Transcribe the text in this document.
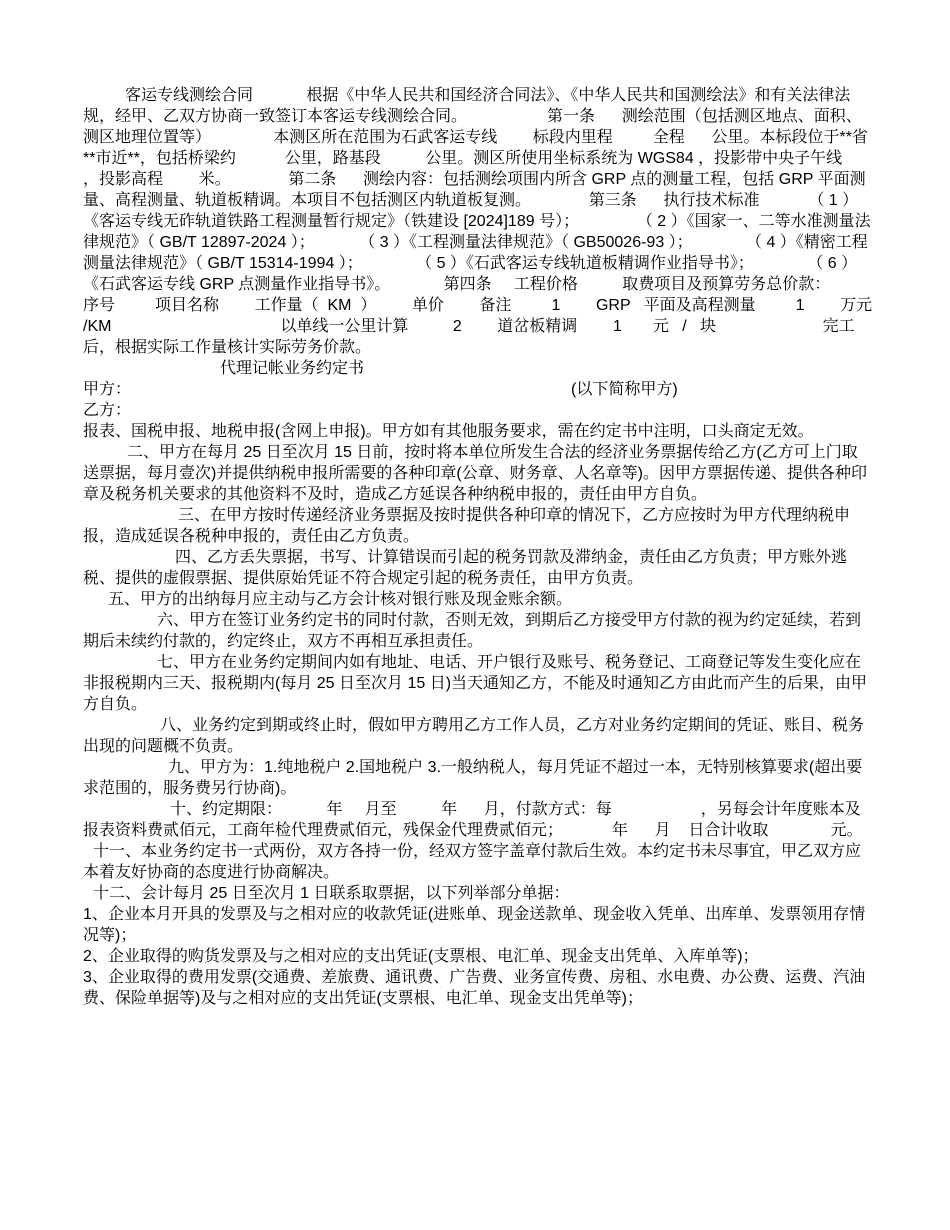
客运专线测绘合同            根据《中华人民共和国经济合同法》、《中华人民共和国测绘法》和有关法律法规，经甲、乙双方协商一致签订本客运专线测绘合同。                  第一条      测绘范围（包括测区地点、面积、测区地理位置等）              本测区所在范围为石武客运专线        标段内里程         全程      公里。本标段位于**省**市近**，包括桥梁约           公里，路基段          公里。测区所使用坐标系统为 WGS84 ，投影带中央子午线         ，投影高程        米。             第二条      测绘内容：包括测绘项围内所含 GRP 点的测量工程，包括 GRP 平面测量、高程测量、轨道板精调。本项目不包括测区内轨道板复测。             第三条      执行技术标准           （ 1 ）《客运专线无砟轨道铁路工程测量暂行规定》（铁建设 [2024]189 号）；             （ 2 ）《国家一、二等水准测量法律规范》（ GB/T 12897-2024 ）；          （ 3 ）《工程测量法律规范》（ GB50026-93 ）；            （ 4 ）《精密工程测量法律规范》（ GB/T 15314-1994 ）；            （ 5 ）《石武客运专线轨道板精调作业指导书》；            （ 6 ）《石武客运专线 GRP 点测量作业指导书》。            第四条     工程价格          取费项目及预算劳务总价款：               序号         项目名称        工作量（  KM  ）        单价        备注         1        GRP   平面及高程测量         1        万元   /KM                                      以单线一公里计算          2        道岔板精调        1       元   /   块                        完工后，根据实际工作量核计实际劳务价款。

代理记帐业务约定书

甲方：	(以下简称甲方)

乙方：

报表、国税申报、地税申报(含网上申报)。甲方如有其他服务要求，需在约定书中注明，口头商定无效。

二、甲方在每月 25 日至次月 15 日前，按时将本单位所发生合法的经济业务票据传给乙方(乙方可上门取送票据，每月壹次)并提供纳税申报所需要的各种印章(公章、财务章、人名章等)。因甲方票据传递、提供各种印章及税务机关要求的其他资料不及时，造成乙方延误各种纳税申报的，责任由甲方自负。

三、在甲方按时传递经济业务票据及按时提供各种印章的情况下，乙方应按时为甲方代理纳税申报，造成延误各税种申报的，责任由乙方负责。

四、乙方丢失票据，书写、计算错误而引起的税务罚款及滞纳金，责任由乙方负责；甲方账外逃税、提供的虚假票据、提供原始凭证不符合规定引起的税务责任，由甲方负责。

五、甲方的出纳每月应主动与乙方会计核对银行账及现金账余额。

六、甲方在签订业务约定书的同时付款，否则无效，到期后乙方接受甲方付款的视为约定延续，若到期后未续约付款的，约定终止，双方不再相互承担责任。

七、甲方在业务约定期间内如有地址、电话、开户银行及账号、税务登记、工商登记等发生变化应在非报税期内三天、报税期内(每月 25 日至次月 15 日)当天通知乙方，不能及时通知乙方由此而产生的后果，由甲方自负。

八、业务约定到期或终止时，假如甲方聘用乙方工作人员，乙方对业务约定期间的凭证、账目、税务出现的问题概不负责。

九、甲方为：1.纯地税户 2.国地税户 3.一般纳税人，每月凭证不超过一本，无特别核算要求(超出要求范围的，服务费另行协商)。

十、约定期限：          年     月至          年      月，付款方式：每                    ，另每会计年度账本及报表资料费贰佰元，工商年检代理费贰佰元，残保金代理费贰佰元；           年      月    日合计收取              元。

十一、本业务约定书一式两份，双方各持一份，经双方签字盖章付款后生效。本约定书未尽事宜，甲乙双方应本着友好协商的态度进行协商解决。

十二、会计每月 25 日至次月 1 日联系取票据，以下列举部分单据：

1、企业本月开具的发票及与之相对应的收款凭证(进账单、现金送款单、现金收入凭单、出库单、发票领用存情况等)；

2、企业取得的购货发票及与之相对应的支出凭证(支票根、电汇单、现金支出凭单、入库单等)；

3、企业取得的费用发票(交通费、差旅费、通讯费、广告费、业务宣传费、房租、水电费、办公费、运费、汽油费、保险单据等)及与之相对应的支出凭证(支票根、电汇单、现金支出凭单等)；
